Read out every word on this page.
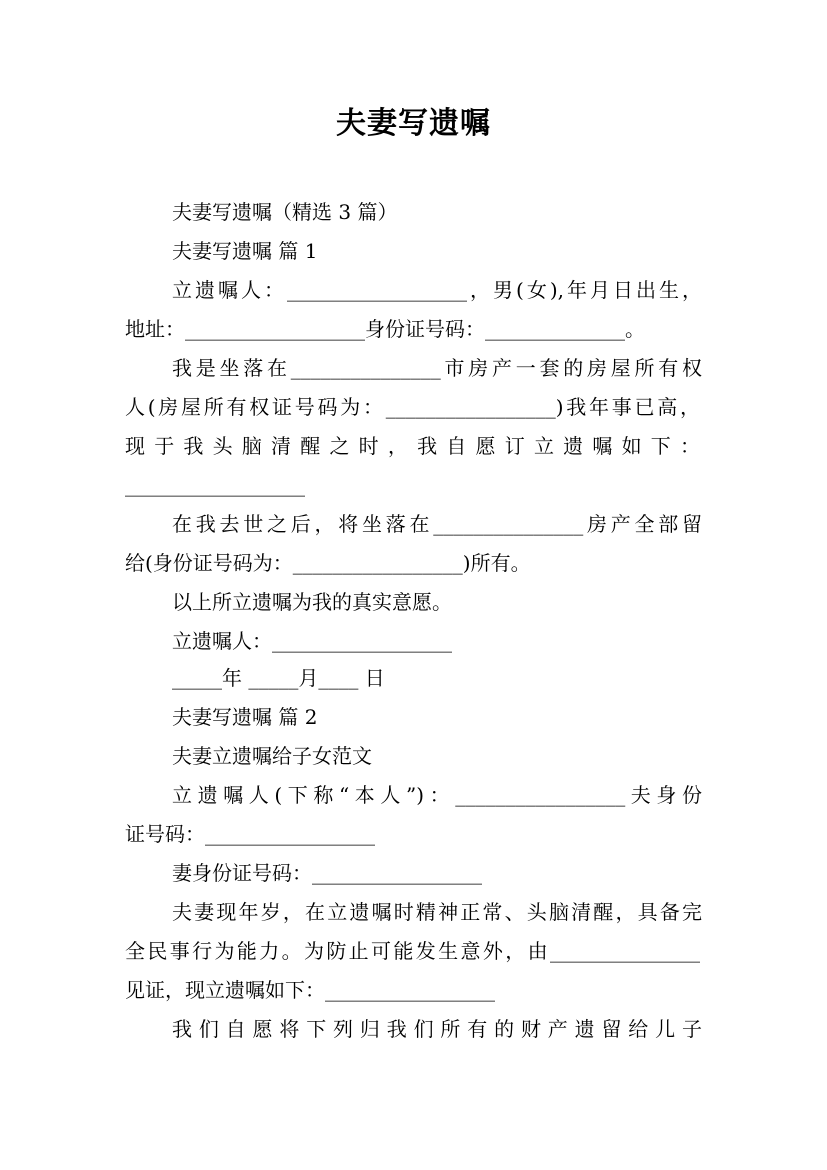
夫妻写遗嘱
夫妻写遗嘱（精选 3 篇）
夫妻写遗嘱 篇 1
立遗嘱人：__________________，男(女),年月日出生，
地址：__________________身份证号码：______________。
我是坐落在_______________市房产一套的房屋所有权
人(房屋所有权证号码为：_________________)我年事已高，
现 于 我 头 脑 清 醒 之 时 ， 我 自 愿 订 立 遗 嘱 如 下 ：
__________________
在我去世之后，将坐落在_______________房产全部留
给(身份证号码为：_________________)所有。
以上所立遗嘱为我的真实意愿。
立遗嘱人：__________________
_____年 _____月____ 日
夫妻写遗嘱 篇 2
夫妻立遗嘱给子女范文
立遗嘱人(下称“本人”)：_________________夫身份
证号码：_________________
妻身份证号码：_________________
夫妻现年岁，在立遗嘱时精神正常、头脑清醒，具备完
全民事行为能力。为防止可能发生意外，由_______________
见证，现立遗嘱如下：_________________
我 们 自 愿 将 下 列 归 我 们 所 有 的 财 产 遗 留 给 儿 子
